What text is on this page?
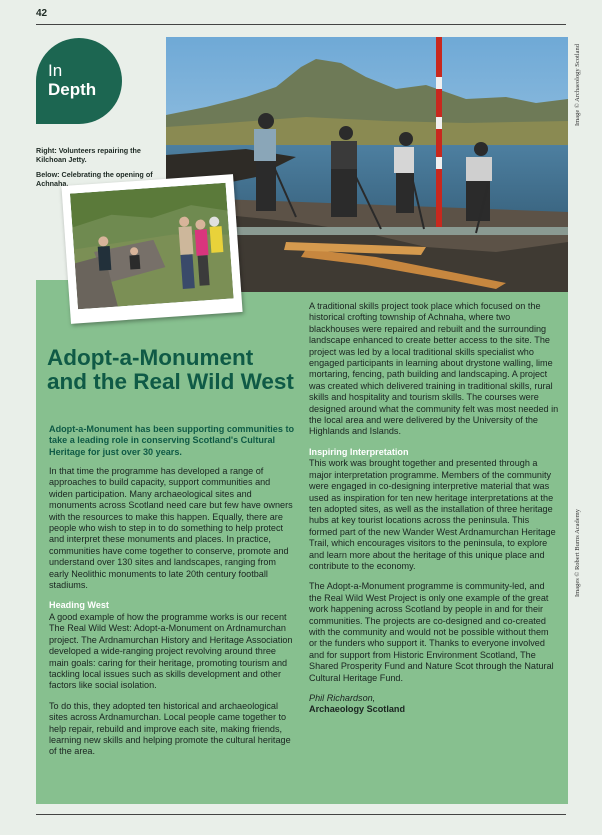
42
In
Depth
Right: Volunteers repairing the Kilchoan Jetty.
Below: Celebrating the opening of Achnaha.
Image © Archaeology Scotland
Images © Robert Burns Academy
Adopt-a-Monument and the Real Wild West

Adopt-a-Monument has been supporting communities to take a leading role in conserving Scotland's Cultural Heritage for just over 30 years.

In that time the programme has developed a range of approaches to build capacity, support communities and widen participation. Many archaeological sites and monuments across Scotland need care but few have owners with the resources to make this happen. Equally, there are people who wish to step in to do something to help protect and interpret these monuments and places. In practice, communities have come together to conserve, promote and understand over 130 sites and landscapes, ranging from early Neolithic monuments to late 20th century football stadiums.

Heading West

A good example of how the programme works is our recent The Real Wild West: Adopt-a-Monument on Ardnamurchan project. The Ardnamurchan History and Heritage Association developed a wide-ranging project revolving around three main goals: caring for their heritage, promoting tourism and tackling local issues such as skills development and other factors like social isolation.

To do this, they adopted ten historical and archaeological sites across Ardnamurchan. Local people came together to help repair, rebuild and improve each site, making friends, learning new skills and helping promote the cultural heritage of the area.

A traditional skills project took place which focused on the historical crofting township of Achnaha, where two blackhouses were repaired and rebuilt and the surrounding landscape enhanced to create better access to the site. The project was led by a local traditional skills specialist who engaged participants in learning about drystone walling, lime mortaring, fencing, path building and landscaping. A project was created which delivered training in traditional skills, rural skills and hospitality and tourism skills. The courses were designed around what the community felt was most needed in the local area and were delivered by the University of the Highlands and Islands.

Inspiring Interpretation

This work was brought together and presented through a major interpretation programme. Members of the community were engaged in co-designing interpretive material that was used as inspiration for ten new heritage interpretations at the ten adopted sites, as well as the installation of three heritage hubs at key tourist locations across the peninsula. This formed part of the new Wander West Ardnamurchan Heritage Trail, which encourages visitors to the peninsula, to explore and learn more about the heritage of this unique place and contribute to the economy.

The Adopt-a-Monument programme is community-led, and the Real Wild West Project is only one example of the great work happening across Scotland by people in and for their communities. The projects are co-designed and co-created with the community and would not be possible without them or the funders who support it. Thanks to everyone involved and for support from Historic Environment Scotland, The Shared Prosperity Fund and Nature Scot through the Natural Cultural Heritage Fund.

Phil Richardson,
Archaeology Scotland
